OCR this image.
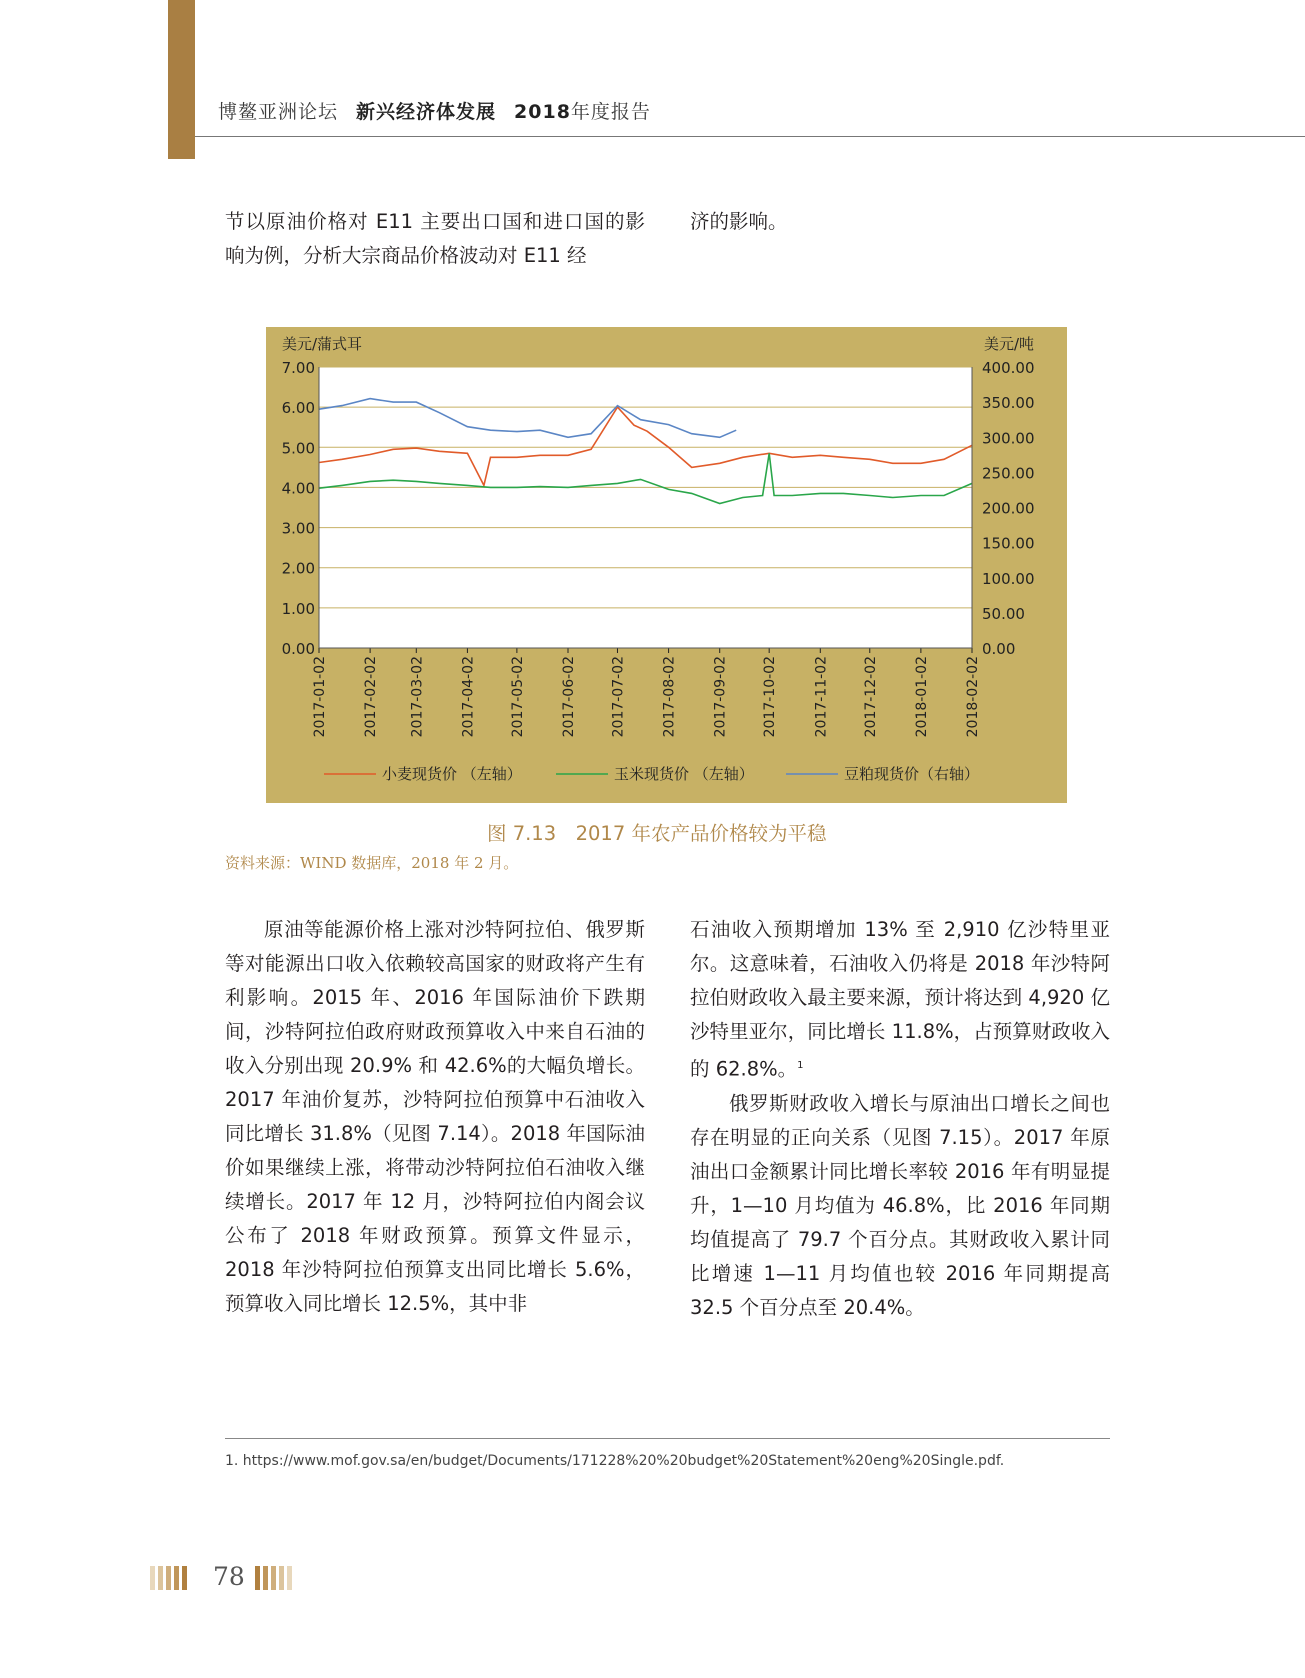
博鳌亚洲论坛 新兴经济体发展 2018年度报告
节以原油价格对 E11 主要出口国和进口国的影响为例，分析大宗商品价格波动对 E11 经
济的影响。
0.00
1.00
2.00
3.00
4.00
5.00
6.00
7.00
0.00
50.00
100.00
150.00
200.00
250.00
300.00
350.00
400.00
2017-01-02	2017-02-02 2017-03-02	2017-04-02 2017-05-02	2017-06-02 2017-07-02	2017-08-02	2017-09-02 2017-10-02	2017-11-02 2017-12-02	2018-01-02	2018-02-02
美元/蒲式耳	美元/吨
小麦现货价 （左轴）	玉米现货价 （左轴）	豆粕现货价（右轴）
图 7.13　2017 年农产品价格较为平稳
资料来源：WIND 数据库，2018 年 2 月。
原油等能源价格上涨对沙特阿拉伯、俄罗斯等对能源出口收入依赖较高国家的财政将产生有利影响。2015 年、2016 年国际油价下跌期间，沙特阿拉伯政府财政预算收入中来自石油的收入分别出现 20.9% 和 42.6%的大幅负增长。2017 年油价复苏，沙特阿拉伯预算中石油收入同比增长 31.8%（见图 7.14）。2018 年国际油价如果继续上涨，将带动沙特阿拉伯石油收入继续增长。2017 年 12 月，沙特阿拉伯内阁会议公布了 2018 年财政预算。预算文件显示，2018 年沙特阿拉伯预算支出同比增长 5.6%，预算收入同比增长 12.5%，其中非
石油收入预期增加 13% 至 2,910 亿沙特里亚尔。这意味着，石油收入仍将是 2018 年沙特阿拉伯财政收入最主要来源，预计将达到 4,920 亿沙特里亚尔，同比增长 11.8%，占预算财政收入的 62.8%。$^1$
俄罗斯财政收入增长与原油出口增长之间也存在明显的正向关系（见图 7.15）。2017 年原油出口金额累计同比增长率较 2016 年有明显提升，1—10 月均值为 46.8%，比 2016 年同期均值提高了 79.7 个百分点。其财政收入累计同比增速 1—11 月均值也较 2016 年同期提高 32.5 个百分点至 20.4%。
1. https://www.mof.gov.sa/en/budget/Documents/171228%20%20budget%20Statement%20eng%20Single.pdf.
78
